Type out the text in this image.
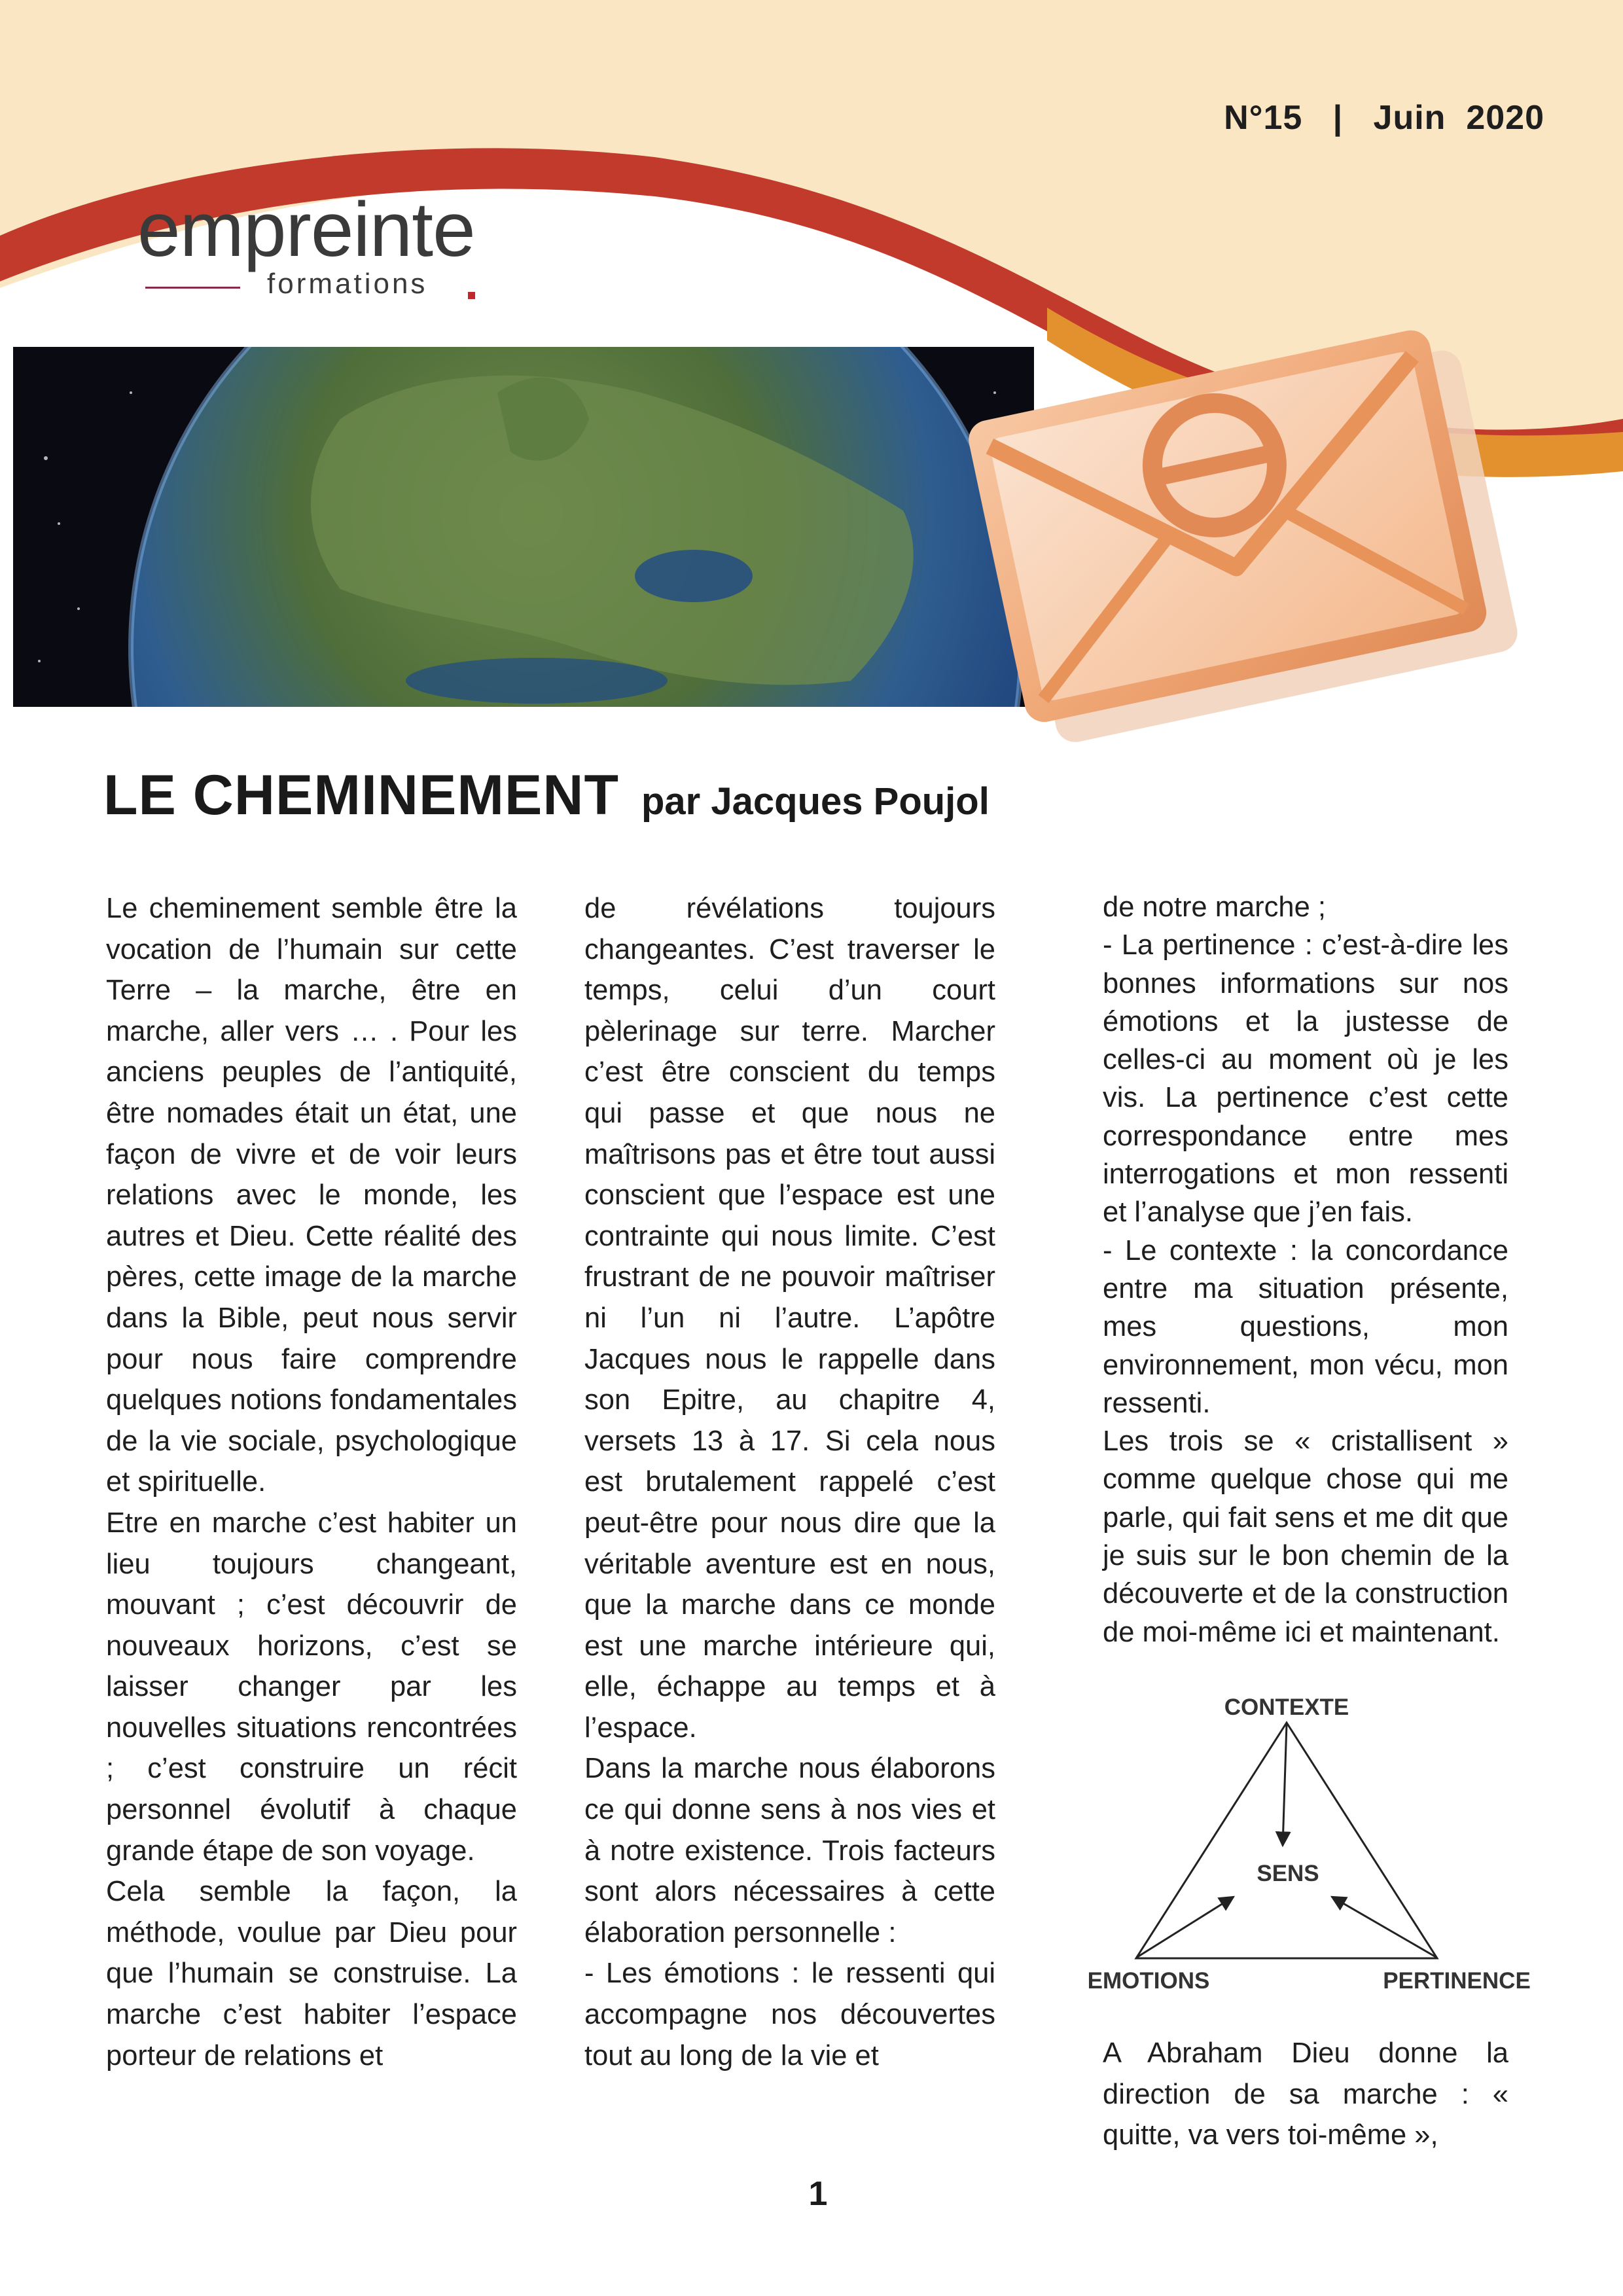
N°15   |   Juin  2020
empreinte
formations
LE CHEMINEMENT par Jacques Poujol

Le cheminement semble être la vocation de l’humain sur cette Terre – la marche, être en marche, aller vers … . Pour les anciens peuples de l’antiquité, être nomades était un état, une façon de vivre et de voir leurs relations avec le monde, les autres et Dieu. Cette réalité des pères, cette image de la marche dans la Bible, peut nous servir pour nous faire comprendre quelques notions fondamentales de la vie sociale, psychologique et spirituelle.

Etre en marche c’est habiter un lieu toujours changeant, mouvant ; c’est découvrir de nouveaux horizons, c’est se laisser changer par les nouvelles situations rencontrées ; c’est construire un récit personnel évolutif à chaque grande étape de son voyage.

Cela semble la façon, la méthode, voulue par Dieu pour que l’humain se construise. La marche c’est habiter l’espace porteur de relations et

de révélations toujours changeantes. C’est traverser le temps, celui d’un court pèlerinage sur terre. Marcher c’est être conscient du temps qui passe et que nous ne maîtrisons pas et être tout aussi conscient que l’espace est une contrainte qui nous limite. C’est frustrant de ne pouvoir maîtriser ni l’un ni l’autre. L’apôtre Jacques nous le rappelle dans son Epitre, au chapitre 4, versets 13 à 17. Si cela nous est brutalement rappelé c’est peut-être pour nous dire que la véritable aventure est en nous, que la marche dans ce monde est une marche intérieure qui, elle, échappe au temps et à l’espace.

Dans la marche nous élaborons ce qui donne sens à nos vies et à notre existence. Trois facteurs sont alors nécessaires à cette élaboration personnelle :

- Les émotions : le ressenti qui accompagne nos découvertes tout au long de la vie et

de notre marche ;

- La pertinence : c’est-à-dire les bonnes informations sur nos émotions et la justesse de celles-ci au moment où je les vis. La pertinence c’est cette correspondance entre mes interrogations et mon ressenti et l’analyse que j’en fais.

- Le contexte : la concordance entre ma situation présente, mes questions, mon environnement, mon vécu, mon ressenti.

Les trois se « cristallisent » comme quelque chose qui me parle, qui fait sens et me dit que je suis sur le bon chemin de la découverte et de la construction de moi-même ici et maintenant.

CONTEXTE
SENS
EMOTIONS	PERTINENCE

A Abraham Dieu donne la direction de sa marche : « quitte, va vers toi-même »,

1
